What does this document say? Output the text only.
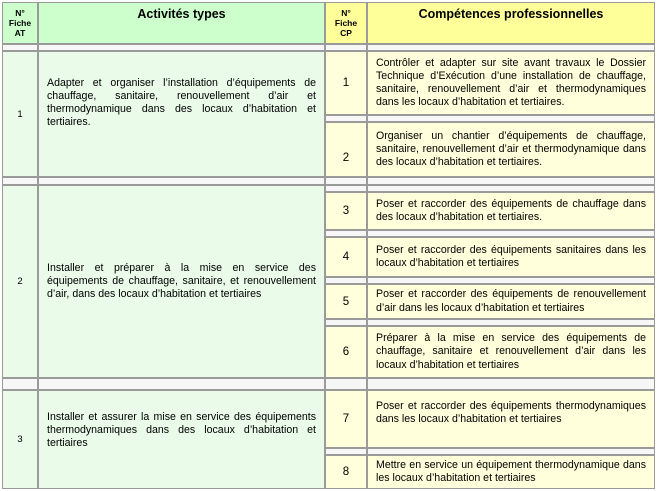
N°
Fiche
AT
Activités types	N°
Fiche
CP
Compétences professionnelles
1
Adapter et organiser l’installation d’équipements de chauffage, sanitaire, renouvellement d’air et thermodynamique dans des locaux d’habitation et tertiaires.
1
Contrôler et adapter sur site avant travaux le Dossier Technique d’Exécution d’une installation de chauffage, sanitaire, renouvellement d’air et thermodynamiques dans les locaux d’habitation et tertiaires.
2
Organiser un chantier d’équipements de chauffage, sanitaire, renouvellement d’air et thermodynamique dans des locaux d’habitation et tertiaires.
2
Installer et préparer à la mise en service des équipements de chauffage, sanitaire, et renouvellement d’air, dans des locaux d’habitation et tertiaires
3
Poser et raccorder des équipements de chauffage dans des locaux d’habitation et tertiaires.
4
Poser et raccorder des équipements sanitaires dans les locaux d’habitation et tertiaires
5
Poser et raccorder des équipements de renouvellement d’air dans les locaux d’habitation et tertiaires
6
Préparer à la mise en service des équipements de chauffage, sanitaire et renouvellement d’air dans les locaux d’habitation et tertiaires
3
Installer et assurer la mise en service des équipements thermodynamiques dans des locaux d’habitation et tertiaires
7
Poser et raccorder des équipements thermodynamiques dans les locaux d’habitation et tertiaires
8
Mettre en service un équipement thermodynamique dans les locaux d’habitation et tertiaires
